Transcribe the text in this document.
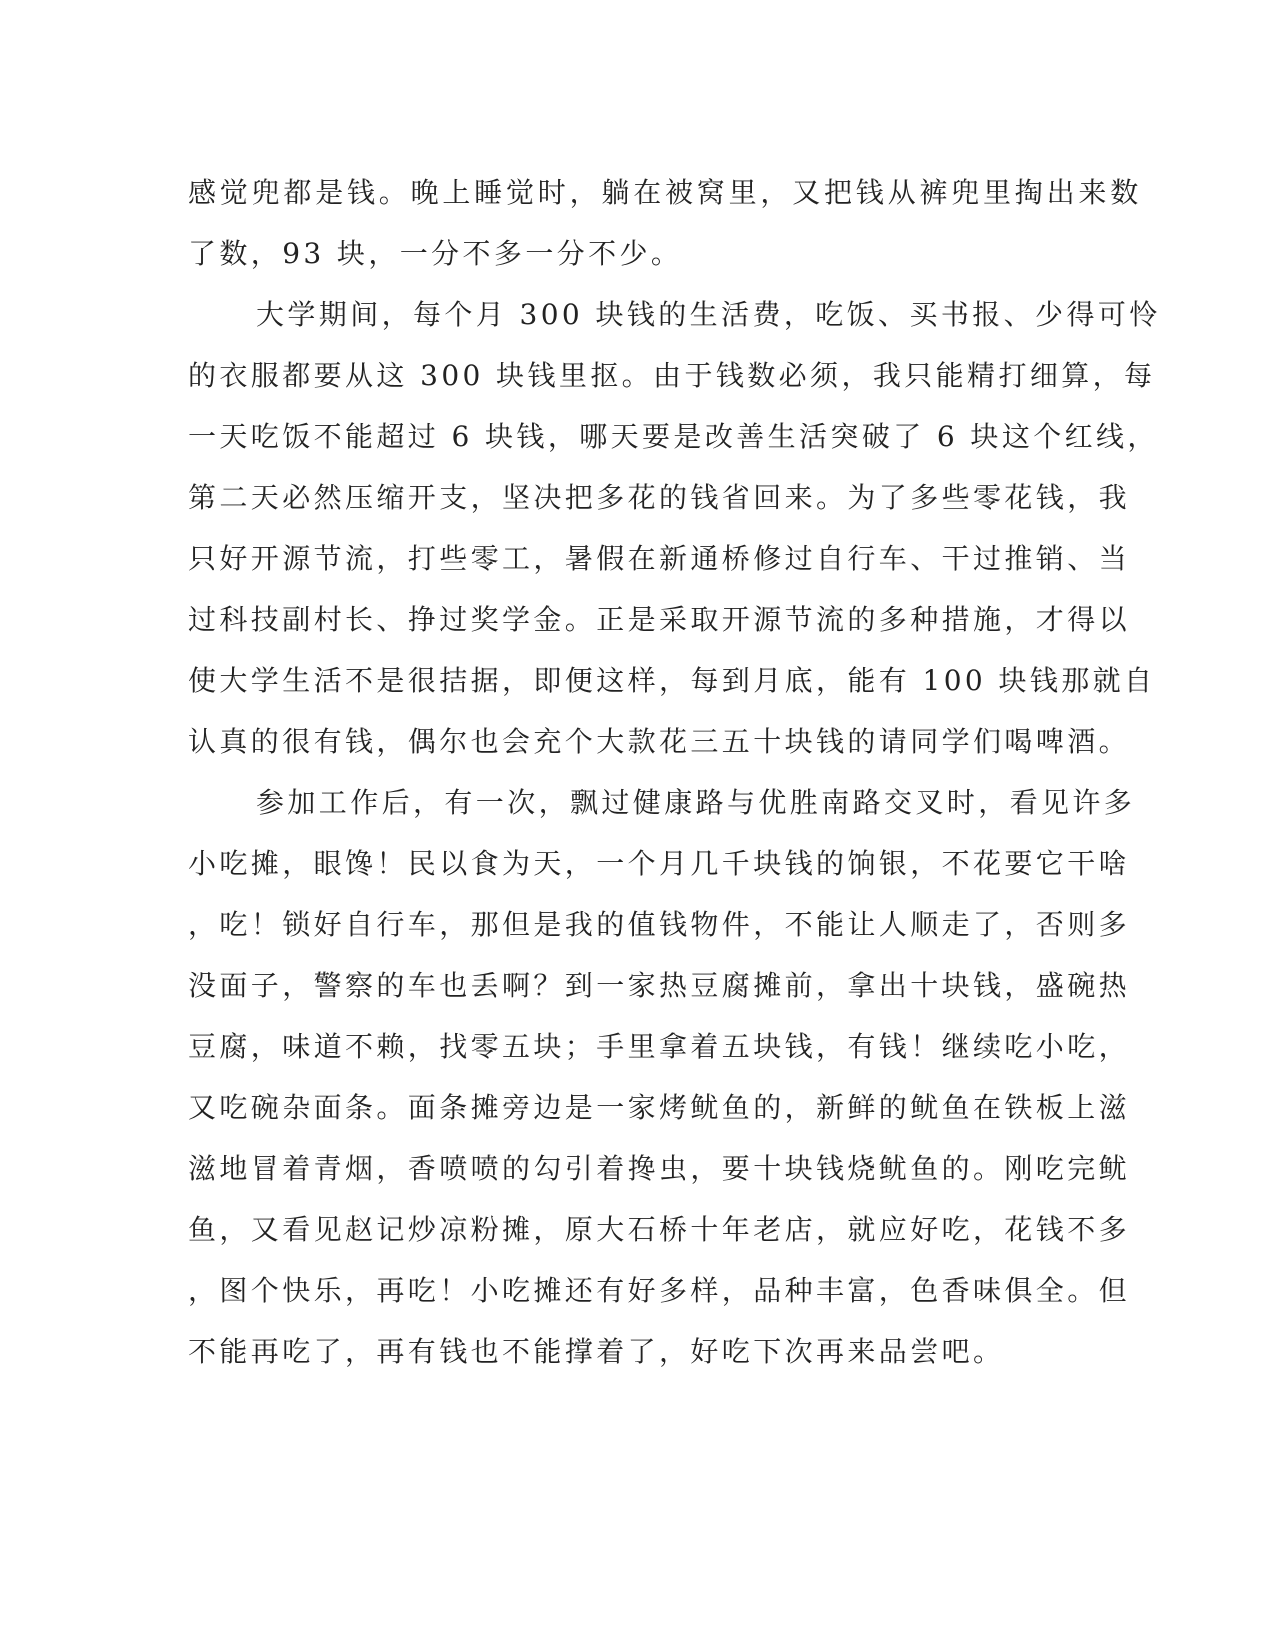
感觉兜都是钱。晚上睡觉时，躺在被窝里，又把钱从裤兜里掏出来数
了数，93 块，一分不多一分不少。
大学期间，每个月 300 块钱的生活费，吃饭、买书报、少得可怜
的衣服都要从这 300 块钱里抠。由于钱数必须，我只能精打细算，每
一天吃饭不能超过 6 块钱，哪天要是改善生活突破了 6 块这个红线，
第二天必然压缩开支，坚决把多花的钱省回来。为了多些零花钱，我
只好开源节流，打些零工，暑假在新通桥修过自行车、干过推销、当
过科技副村长、挣过奖学金。正是采取开源节流的多种措施，才得以
使大学生活不是很拮据，即便这样，每到月底，能有 100 块钱那就自
认真的很有钱，偶尔也会充个大款花三五十块钱的请同学们喝啤酒。
参加工作后，有一次，飘过健康路与优胜南路交叉时，看见许多
小吃摊，眼馋！民以食为天，一个月几千块钱的饷银，不花要它干啥
，吃！锁好自行车，那但是我的值钱物件，不能让人顺走了，否则多
没面子，警察的车也丢啊？到一家热豆腐摊前，拿出十块钱，盛碗热
豆腐，味道不赖，找零五块；手里拿着五块钱，有钱！继续吃小吃，
又吃碗杂面条。面条摊旁边是一家烤鱿鱼的，新鲜的鱿鱼在铁板上滋
滋地冒着青烟，香喷喷的勾引着搀虫，要十块钱烧鱿鱼的。刚吃完鱿
鱼，又看见赵记炒凉粉摊，原大石桥十年老店，就应好吃，花钱不多
，图个快乐，再吃！小吃摊还有好多样，品种丰富，色香味俱全。但
不能再吃了，再有钱也不能撑着了，好吃下次再来品尝吧。
